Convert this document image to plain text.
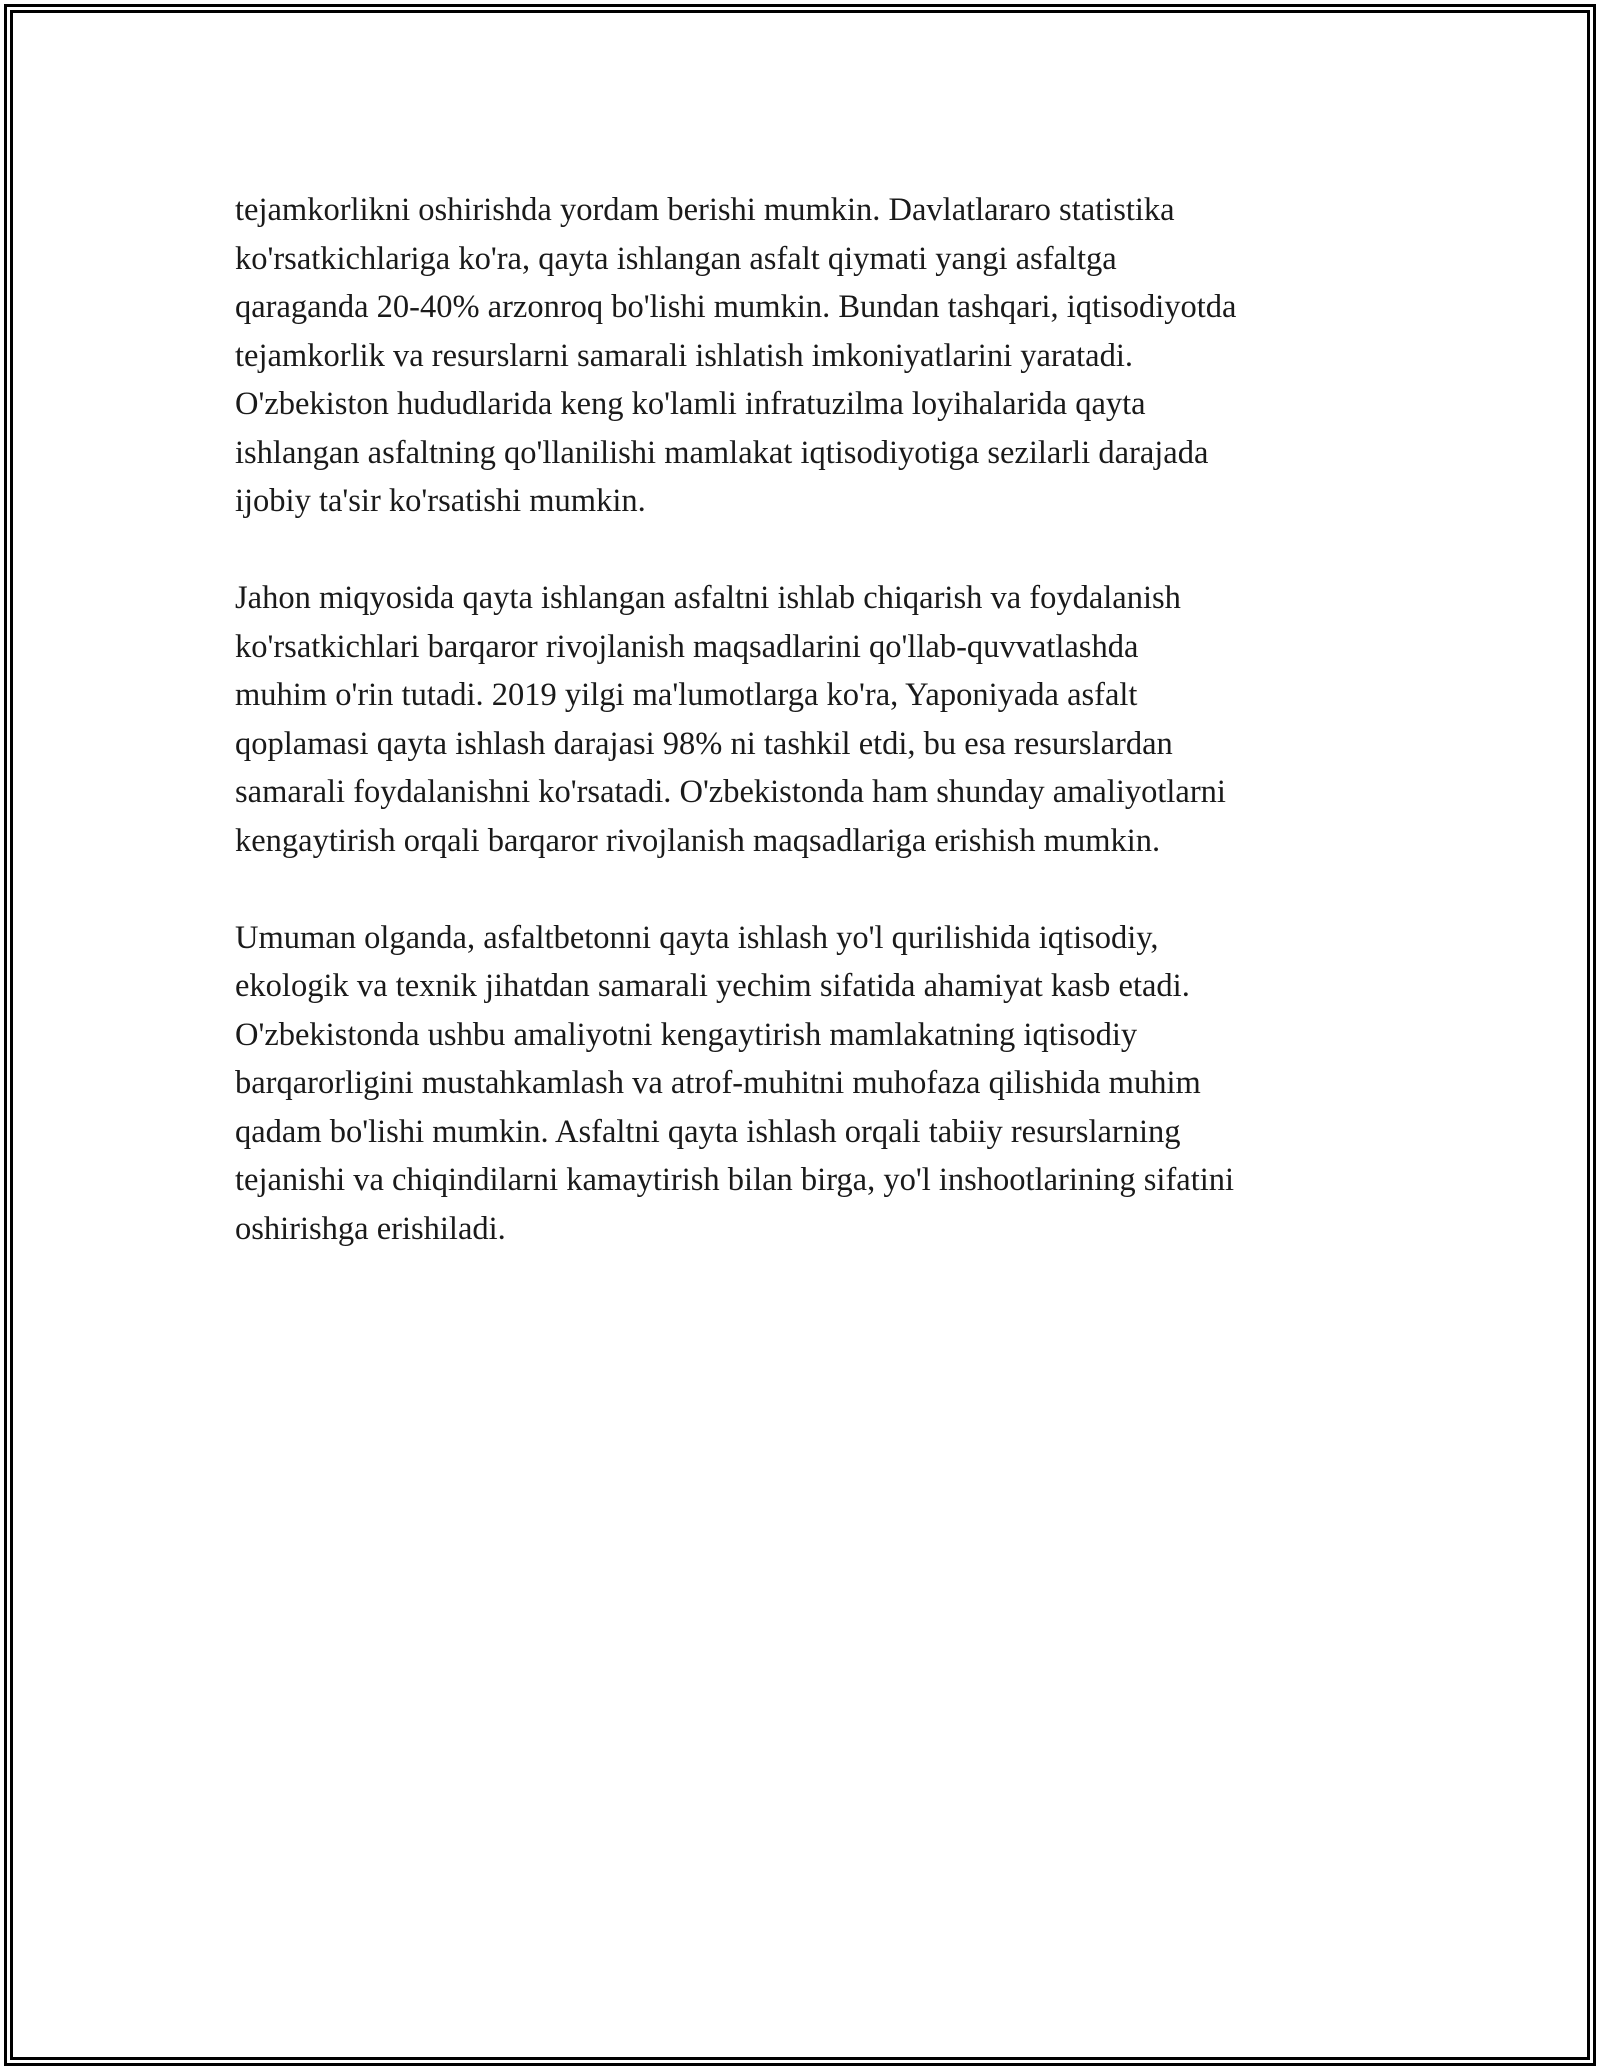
tejamkorlikni oshirishda yordam berishi mumkin. Davlatlararo statistika
ko'rsatkichlariga ko'ra, qayta ishlangan asfalt qiymati yangi asfaltga
qaraganda 20-40% arzonroq bo'lishi mumkin. Bundan tashqari, iqtisodiyotda
tejamkorlik va resurslarni samarali ishlatish imkoniyatlarini yaratadi.
O'zbekiston hududlarida keng ko'lamli infratuzilma loyihalarida qayta
ishlangan asfaltning qo'llanilishi mamlakat iqtisodiyotiga sezilarli darajada
ijobiy ta'sir ko'rsatishi mumkin.

Jahon miqyosida qayta ishlangan asfaltni ishlab chiqarish va foydalanish
ko'rsatkichlari barqaror rivojlanish maqsadlarini qo'llab-quvvatlashda
muhim o'rin tutadi. 2019 yilgi ma'lumotlarga ko'ra, Yaponiyada asfalt
qoplamasi qayta ishlash darajasi 98% ni tashkil etdi, bu esa resurslardan
samarali foydalanishni ko'rsatadi. O'zbekistonda ham shunday amaliyotlarni
kengaytirish orqali barqaror rivojlanish maqsadlariga erishish mumkin.

Umuman olganda, asfaltbetonni qayta ishlash yo'l qurilishida iqtisodiy,
ekologik va texnik jihatdan samarali yechim sifatida ahamiyat kasb etadi.
O'zbekistonda ushbu amaliyotni kengaytirish mamlakatning iqtisodiy
barqarorligini mustahkamlash va atrof-muhitni muhofaza qilishida muhim
qadam bo'lishi mumkin. Asfaltni qayta ishlash orqali tabiiy resurslarning
tejanishi va chiqindilarni kamaytirish bilan birga, yo'l inshootlarining sifatini
oshirishga erishiladi.
